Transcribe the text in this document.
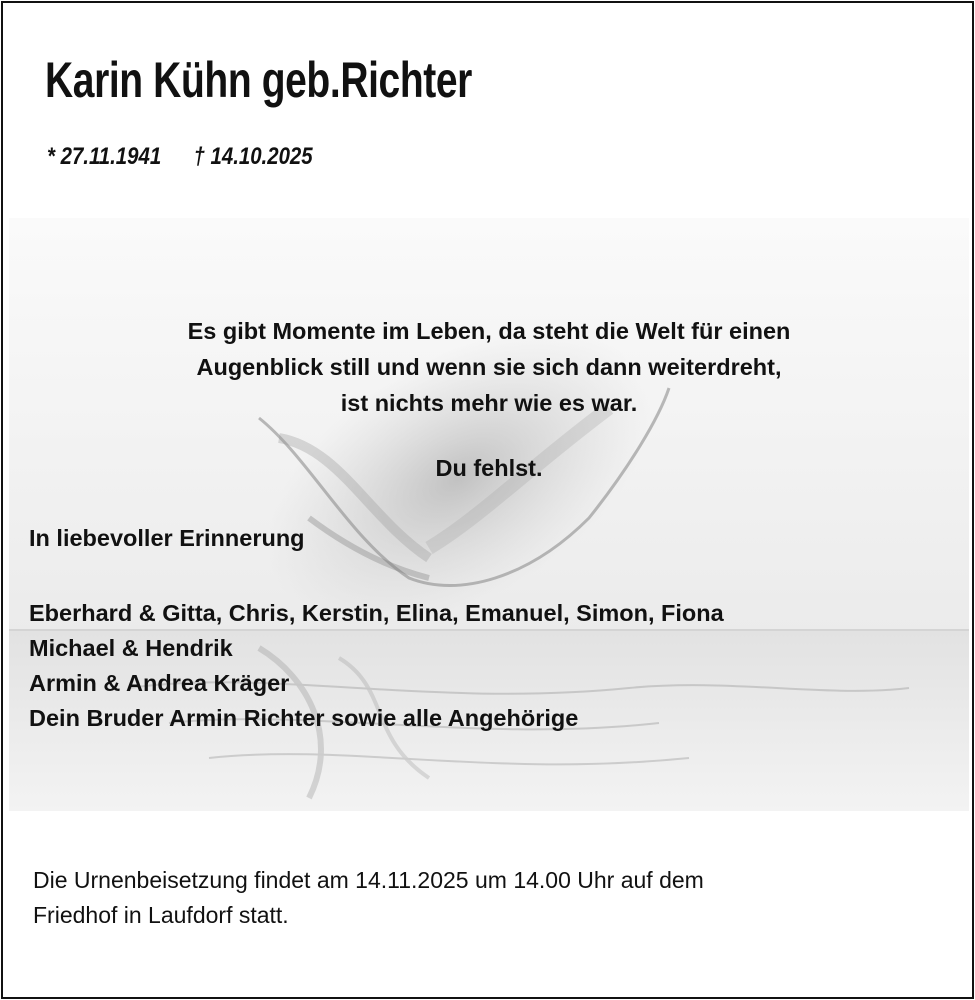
Karin Kühn geb.Richter
* 27.11.1941 † 14.10.2025

Es gibt Momente im Leben, da steht die Welt für einen

Augenblick still und wenn sie sich dann weiterdreht,

ist nichts mehr wie es war.

Du fehlst.
In liebevoller Erinnerung
Eberhard & Gitta, Chris, Kerstin, Elina, Emanuel, Simon, Fiona
Michael & Hendrik
Armin & Andrea Kräger
Dein Bruder Armin Richter sowie alle Angehörige
Die Urnenbeisetzung findet am 14.11.2025 um 14.00 Uhr auf dem
Friedhof in Laufdorf statt.
